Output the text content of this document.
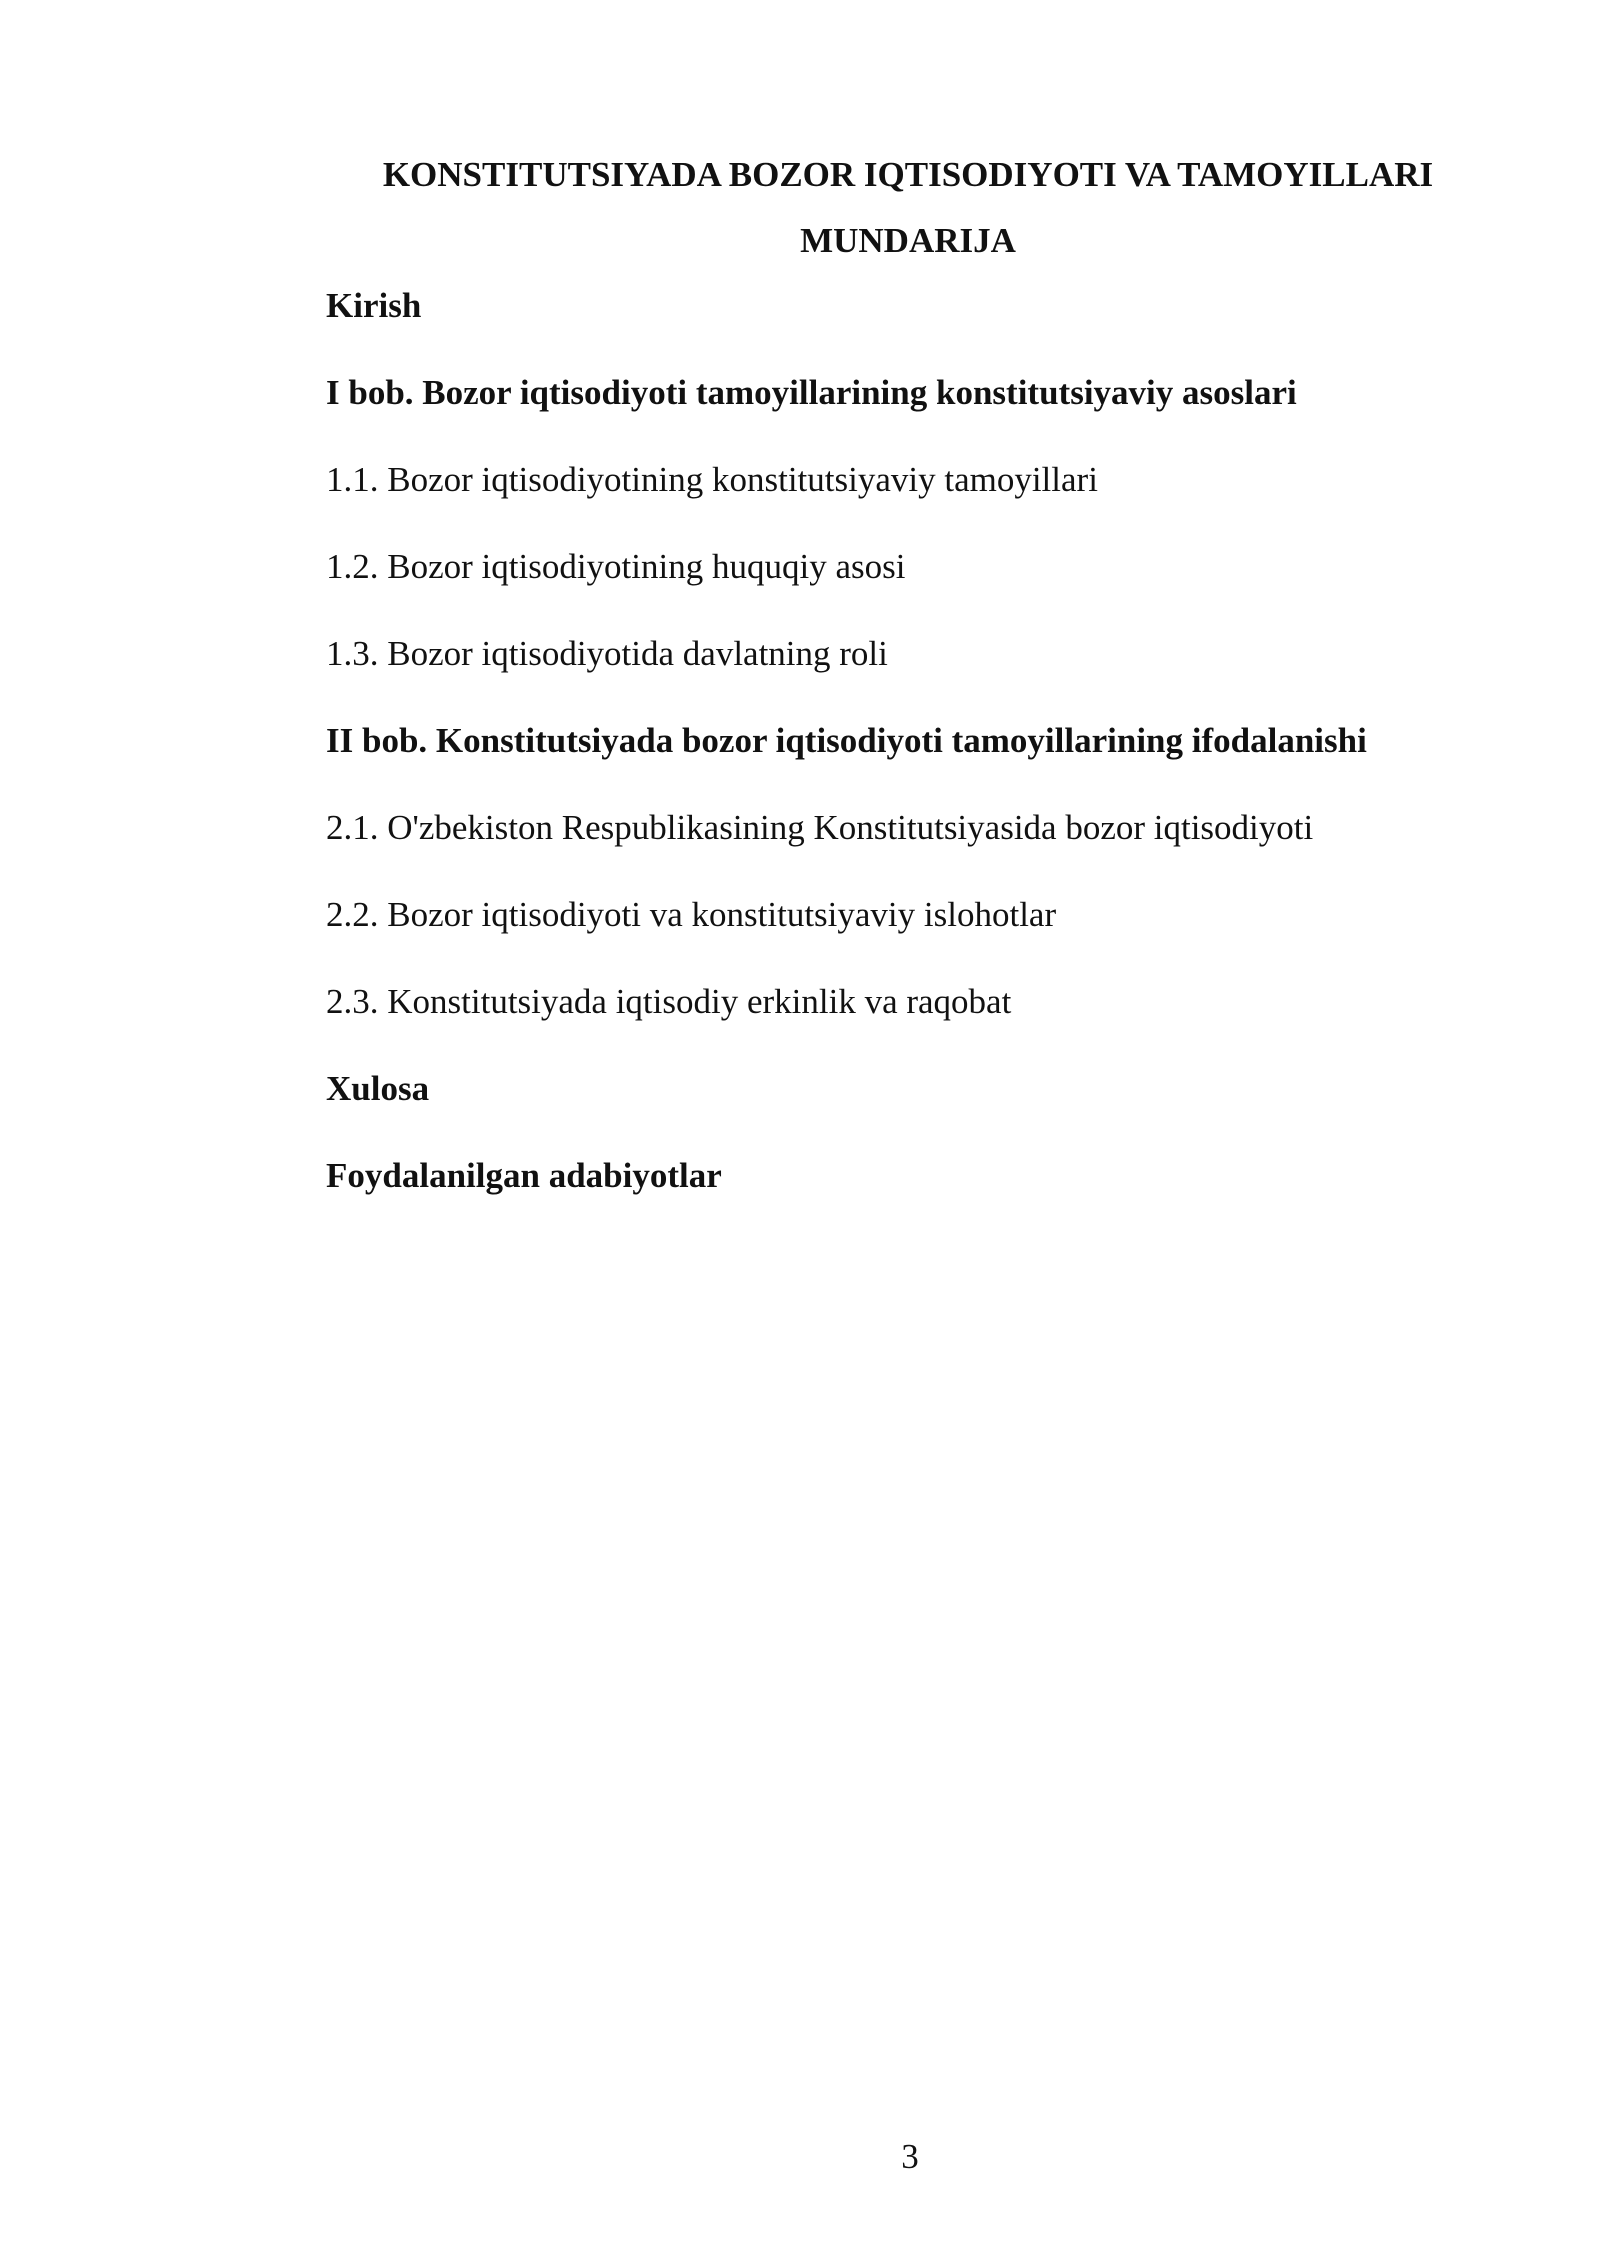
KONSTITUTSIYADA BOZOR IQTISODIYOTI VA TAMOYILLARI
MUNDARIJA
Kirish
I bob. Bozor iqtisodiyoti tamoyillarining konstitutsiyaviy asoslari
1.1. Bozor iqtisodiyotining konstitutsiyaviy tamoyillari
1.2. Bozor iqtisodiyotining huquqiy asosi
1.3. Bozor iqtisodiyotida davlatning roli
II bob. Konstitutsiyada bozor iqtisodiyoti tamoyillarining ifodalanishi
2.1. O'zbekiston Respublikasining Konstitutsiyasida bozor iqtisodiyoti
2.2. Bozor iqtisodiyoti va konstitutsiyaviy islohotlar
2.3. Konstitutsiyada iqtisodiy erkinlik va raqobat
Xulosa
Foydalanilgan adabiyotlar
3
